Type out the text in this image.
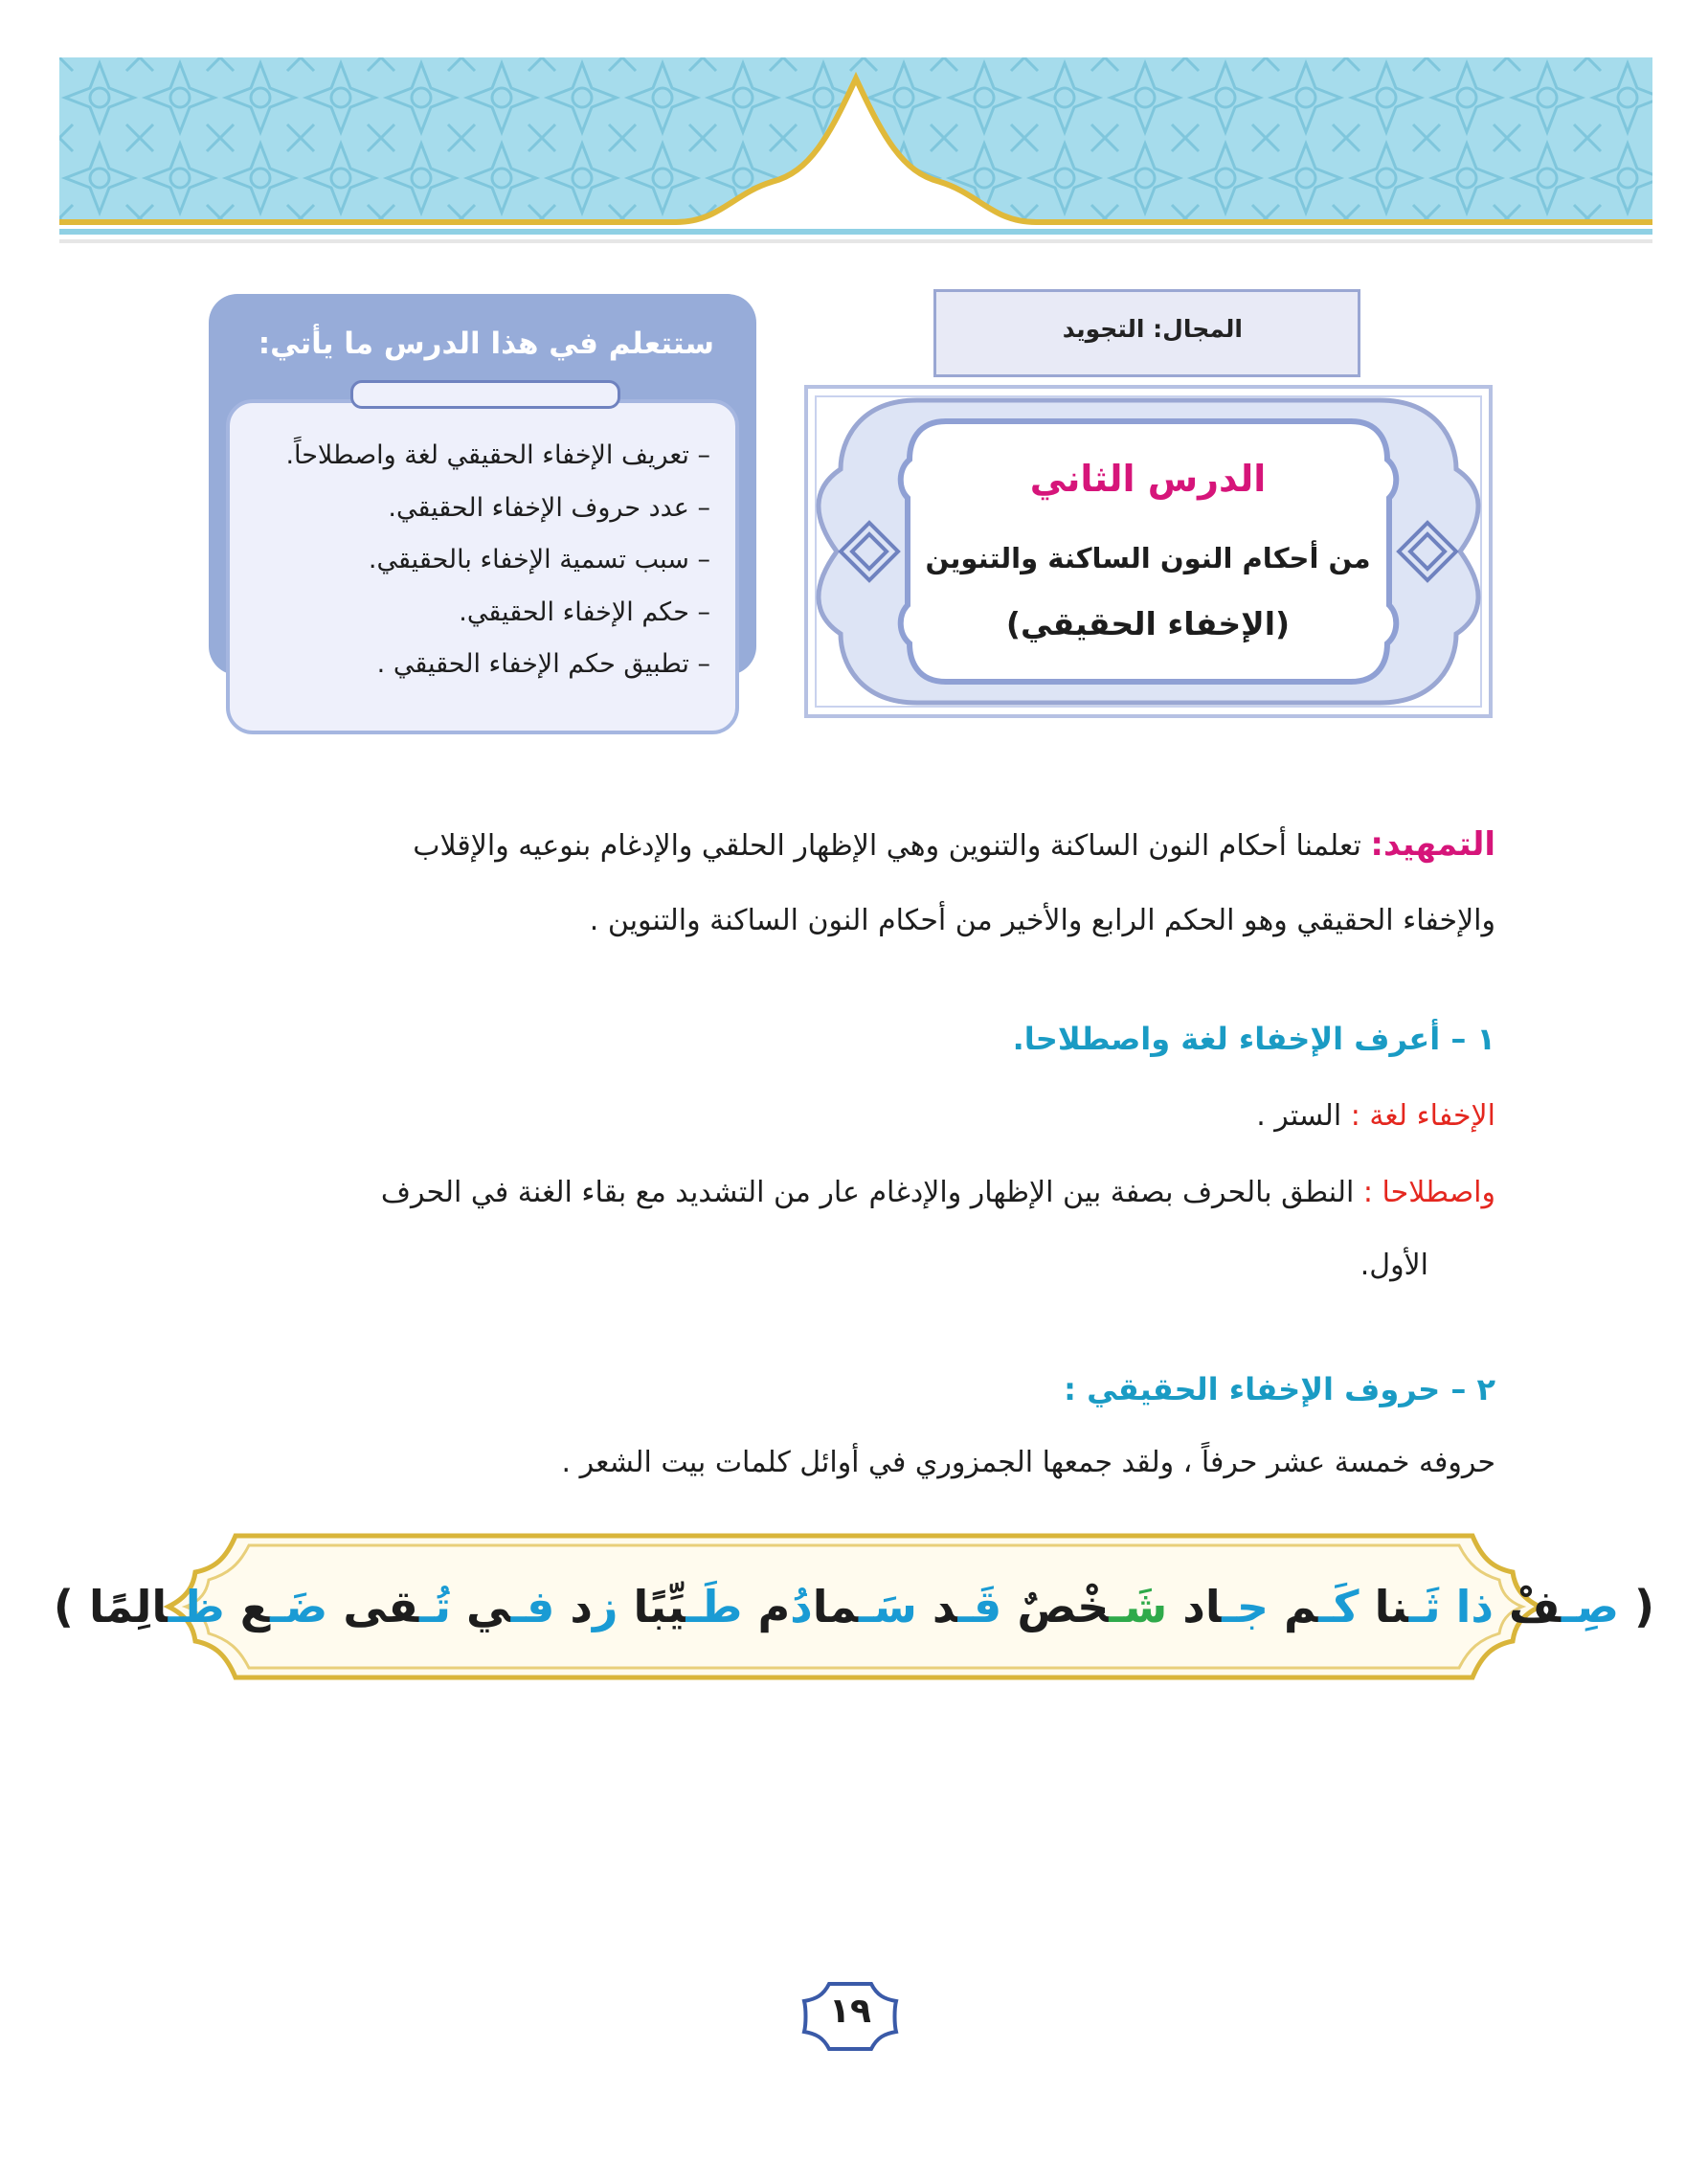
المجال: التجويد
الدرس الثاني
من أحكام النون الساكنة والتنوين
(الإخفاء الحقيقي)
ستتعلم في هذا الدرس ما يأتي:
– تعريف الإخفاء الحقيقي لغة واصطلاحاً.
– عدد حروف الإخفاء الحقيقي.
– سبب تسمية الإخفاء بالحقيقي.
– حكم الإخفاء الحقيقي.
– تطبيق حكم الإخفاء الحقيقي .
التمهيد: تعلمنا أحكام النون الساكنة والتنوين وهي الإظهار الحلقي والإدغام بنوعيه والإقلاب
والإخفاء الحقيقي وهو الحكم الرابع والأخير من أحكام النون الساكنة والتنوين .
١ – أعرف الإخفاء لغة واصطلاحا.
الإخفاء لغة : الستر .
واصطلاحا : النطق بالحرف بصفة بين الإظهار والإدغام عار من التشديد مع بقاء الغنة في الحرف
الأول.
٢ – حروف الإخفاء الحقيقي :
حروفه خمسة عشر حرفاً ، ولقد جمعها الجمزوري في أوائل كلمات بيت الشعر .
(

صِـفْ

ذا

ثَـنا

كَـم

جـاد

شَـخْصٌ

قَـد

سَـما
دُم

طَـيِّبًا

زد

فـي

تُـقى

ضَـع

ظـالِمًا

)
١٩
